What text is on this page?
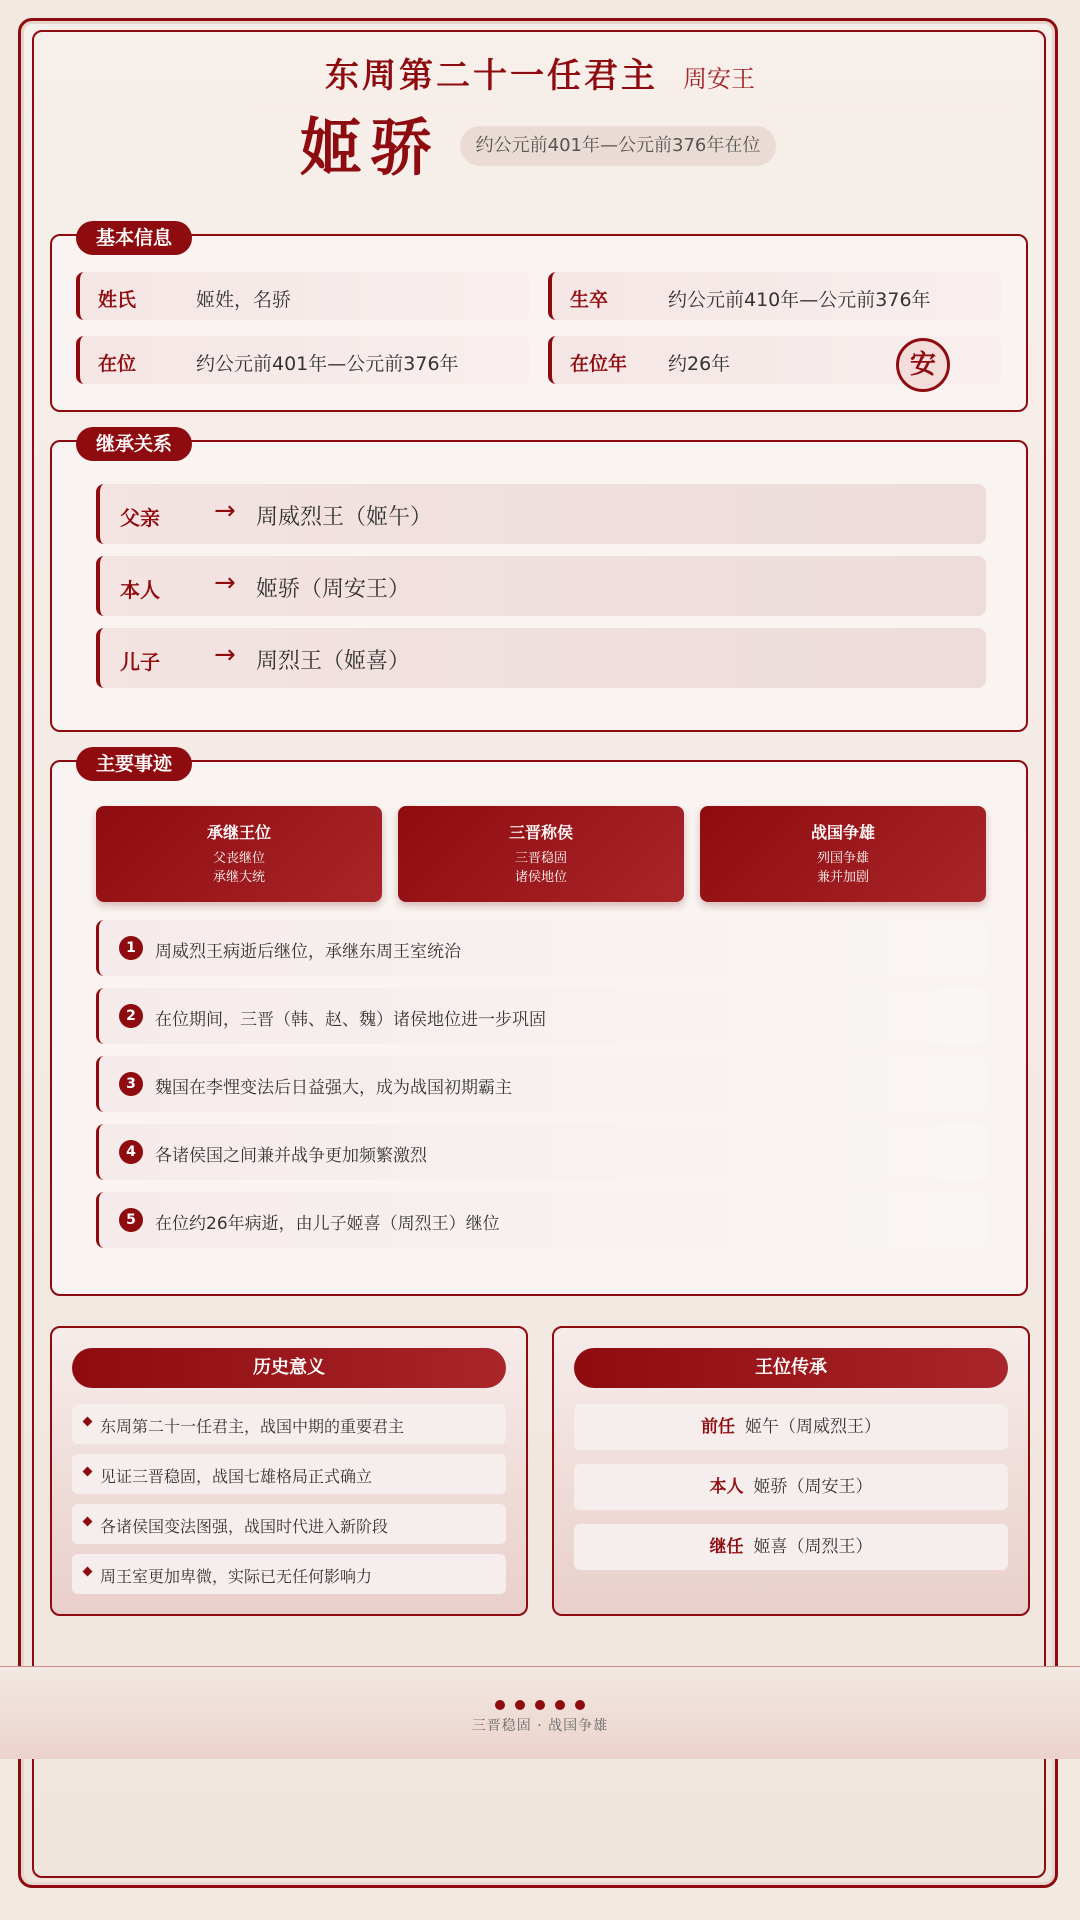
东周第二十一任君主 周安王
姬骄	约公元前401年—公元前376年在位
基本信息
姓氏	姬姓，名骄	生卒	约公元前410年—公元前376年
在位	约公元前401年—公元前376年	在位年 约26年	安
继承关系
父亲 → 周威烈王（姬午）
本人 → 姬骄（周安王）
儿子 → 周烈王（姬喜）
主要事迹
承继王位
父丧继位
承继大统
三晋称侯
三晋稳固
诸侯地位
战国争雄
列国争雄
兼并加剧
1	周威烈王病逝后继位，承继东周王室统治
2	在位期间，三晋（韩、赵、魏）诸侯地位进一步巩固
3	魏国在李悝变法后日益强大，成为战国初期霸主
4	各诸侯国之间兼并战争更加频繁激烈
5	在位约26年病逝，由儿子姬喜（周烈王）继位
历史意义
东周第二十一任君主，战国中期的重要君主
见证三晋稳固，战国七雄格局正式确立
各诸侯国变法图强，战国时代进入新阶段
周王室更加卑微，实际已无任何影响力
王位传承
前任 姬午（周威烈王）
本人 姬骄（周安王）
继任 姬喜（周烈王）
三晋稳固 · 战国争雄
